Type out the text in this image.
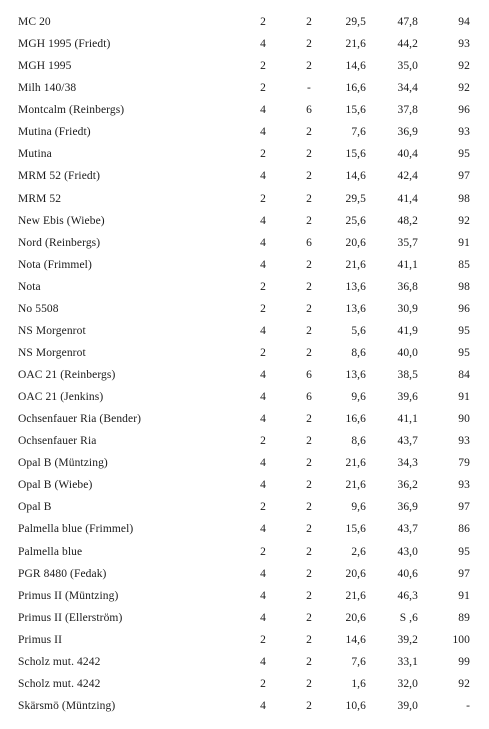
MC 20	2	2	29,5	47,8	94
MGH 1995 (Friedt)	4	2	21,6	44,2	93
MGH 1995	2	2	14,6	35,0	92
Milh 140/38	2	-	16,6	34,4	92
Montcalm (Reinbergs)	4	6	15,6	37,8	96
Mutina (Friedt)	4	2	7,6	36,9	93
Mutina	2	2	15,6	40,4	95
MRM 52 (Friedt)	4	2	14,6	42,4	97
MRM 52	2	2	29,5	41,4	98
New Ebis (Wiebe)	4	2	25,6	48,2	92
Nord (Reinbergs)	4	6	20,6	35,7	91
Nota (Frimmel)	4	2	21,6	41,1	85
Nota	2	2	13,6	36,8	98
No 5508	2	2	13,6	30,9	96
NS Morgenrot	4	2	5,6	41,9	95
NS Morgenrot	2	2	8,6	40,0	95
OAC 21 (Reinbergs)	4	6	13,6	38,5	84
OAC 21 (Jenkins)	4	6	9,6	39,6	91
Ochsenfauer Ria (Bender)	4	2	16,6	41,1	90
Ochsenfauer Ria	2	2	8,6	43,7	93
Opal B (Müntzing)	4	2	21,6	34,3	79
Opal B (Wiebe)	4	2	21,6	36,2	93
Opal B	2	2	9,6	36,9	97
Palmella blue (Frimmel)	4	2	15,6	43,7	86
Palmella blue	2	2	2,6	43,0	95
PGR 8480 (Fedak)	4	2	20,6	40,6	97
Primus II (Müntzing)	4	2	21,6	46,3	91
Primus II (Ellerström)	4	2	20,6	S ,6	89
Primus II	2	2	14,6	39,2	100
Scholz mut. 4242	4	2	7,6	33,1	99
Scholz mut. 4242	2	2	1,6	32,0	92
Skärsmö (Müntzing)	4	2	10,6	39,0	-
